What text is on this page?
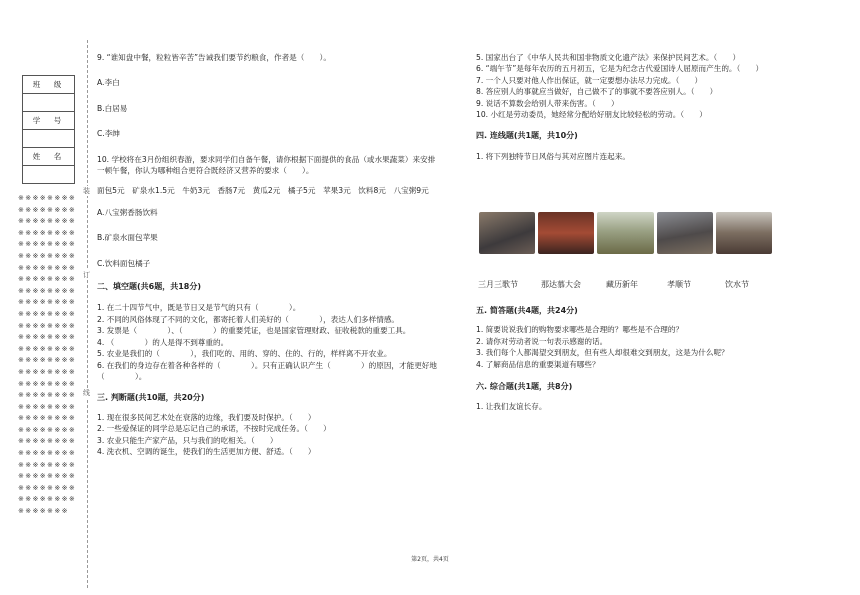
班　级

学　号

姓　名

※※※※※※※※※※※※※※※※※※※※※※※※※※※※※※※※※※※※※※※※※※※※※※※※※※※※※※※※※※※※※※※※※※※※※※※※※※※※※※※※※※※※※※※※※※※※※※※※※※※※※※※※※※※※※※※※※※※※※※※※※※※※※※※※※※※※※※※※※※※※※※※※※※※※※※※※※※※※※※※※※※※※※※※※※※※※※※※※※※※※※※※※※※※※※※※※※※※※※※※※※※※※※※※※※※※※※※※※※※※※※※※
装
订
线

9. “谁知盘中餐，粒粒皆辛苦”告诫我们要节约粮食，作者是（　　）。

A.李白

B.白居易

C.李绅

10. 学校将在3月份组织春游，要求同学们自备午餐，请你根据下面提供的食品（或水果蔬菜）来安排一顿午餐，你认为哪种组合更符合既经济又营养的要求（　　）。

面包5元　矿泉水1.5元　牛奶3元　香肠7元　黄瓜2元　橘子5元　苹果3元　饮料8元　八宝粥9元

A.八宝粥香肠饮料

B.矿泉水面包苹果

C.饮料面包橘子

二、填空题(共6题，共18分)

1. 在二十四节气中，既是节日又是节气的只有（　　　　）。

2. 不同的风俗体现了不同的文化，都寄托着人们美好的（　　　　），表达人们多样情感。

3. 发票是（　　　　）、（　　　　）的重要凭证，也是国家管理财政、征收税款的重要工具。

4. （　　　　）的人是得不到尊重的。

5. 农业是我们的（　　　　），我们吃的、用的、穿的、住的、行的，样样离不开农业。

6. 在我们的身边存在着各种各样的（　　　　）。只有正确认识产生（　　　　）的原因，才能更好地（　　　　）。

三. 判断题(共10题，共20分)

1. 现在很多民间艺术处在衰落的边缘，我们要及时保护。（　　）

2. 一些爱保证的同学总是忘记自己的承诺，不按时完成任务。（　　）

3. 农业只能生产家产品，只与我们的吃相关。（　　）

4. 洗衣机、空调的诞生，使我们的生活更加方便、舒适。（　　）

5. 国家出台了《中华人民共和国非物质文化遗产法》来保护民间艺术。（　　）

6. “端午节”是每年农历的五月初五，它是为纪念古代爱国诗人屈原而产生的。（　　）

7. 一个人只要对他人作出保证，就一定要想办法尽力完成。（　　）

8. 答应别人的事就应当做好，自己做不了的事就不要答应别人。（　　）

9. 说话不算数会给别人带来伤害。（　　）

10. 小红是劳动委员，她经常分配给好朋友比较轻松的劳动。（　　）

四. 连线题(共1题，共10分)

1. 将下列独特节日风俗与其对应图片连起来。

三月三歌节	那达慕大会	藏历新年	孝顺节	饮水节

五. 简答题(共4题，共24分)

1. 简要说说我们的购物要求哪些是合理的？哪些是不合理的？

2. 请你对劳动者说一句表示感谢的话。

3. 我们每个人都渴望交到朋友，但有些人却很难交到朋友，这是为什么呢？

4. 了解商品信息的重要渠道有哪些？

六. 综合题(共1题，共8分)

1. 让我们友谊长存。

第2页，共4页
